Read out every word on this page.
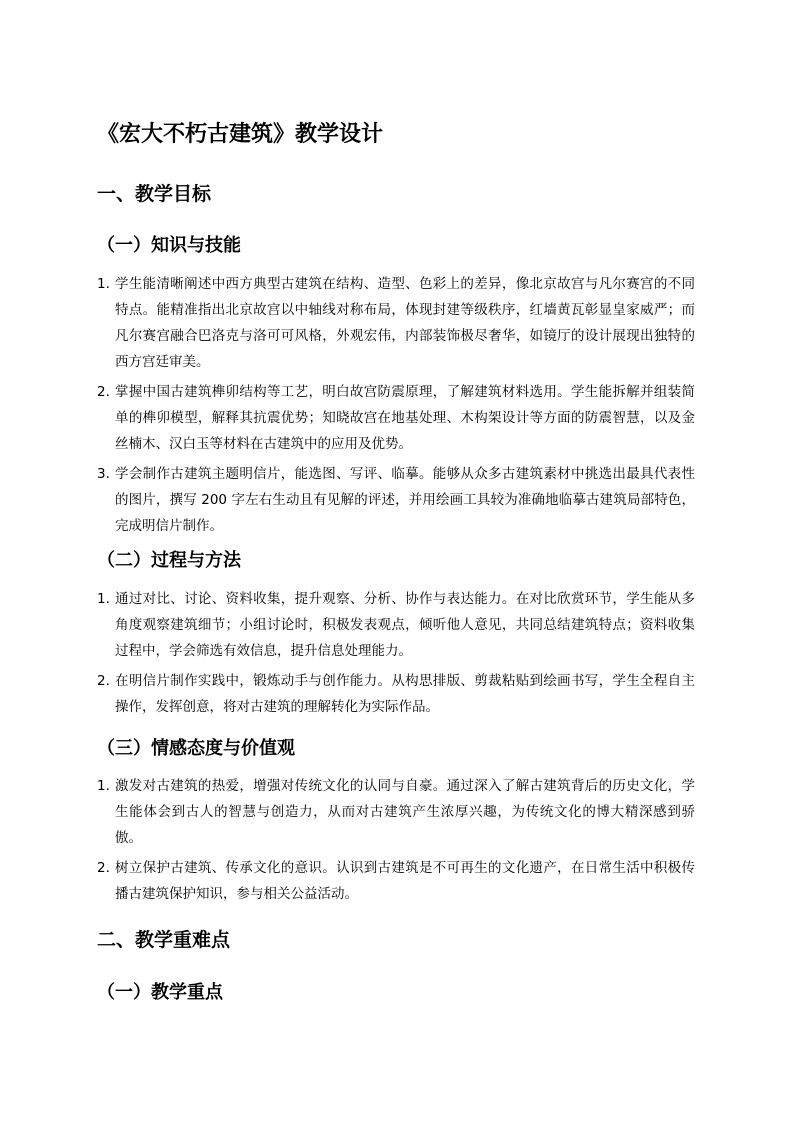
《宏大不朽古建筑》教学设计
一、教学目标
（一）知识与技能
1. 学生能清晰阐述中西方典型古建筑在结构、造型、色彩上的差异，像北京故宫与凡尔赛宫的不同特点。能精准指出北京故宫以中轴线对称布局，体现封建等级秩序，红墙黄瓦彰显皇家威严；而凡尔赛宫融合巴洛克与洛可可风格，外观宏伟，内部装饰极尽奢华，如镜厅的设计展现出独特的西方宫廷审美。
2. 掌握中国古建筑榫卯结构等工艺，明白故宫防震原理，了解建筑材料选用。学生能拆解并组装简单的榫卯模型，解释其抗震优势；知晓故宫在地基处理、木构架设计等方面的防震智慧，以及金丝楠木、汉白玉等材料在古建筑中的应用及优势。
3. 学会制作古建筑主题明信片，能选图、写评、临摹。能够从众多古建筑素材中挑选出最具代表性的图片，撰写 200 字左右生动且有见解的评述，并用绘画工具较为准确地临摹古建筑局部特色，完成明信片制作。
（二）过程与方法
1. 通过对比、讨论、资料收集，提升观察、分析、协作与表达能力。在对比欣赏环节，学生能从多角度观察建筑细节；小组讨论时，积极发表观点，倾听他人意见，共同总结建筑特点；资料收集过程中，学会筛选有效信息，提升信息处理能力。
2. 在明信片制作实践中，锻炼动手与创作能力。从构思排版、剪裁粘贴到绘画书写，学生全程自主操作，发挥创意，将对古建筑的理解转化为实际作品。
（三）情感态度与价值观
1. 激发对古建筑的热爱，增强对传统文化的认同与自豪。通过深入了解古建筑背后的历史文化，学生能体会到古人的智慧与创造力，从而对古建筑产生浓厚兴趣，为传统文化的博大精深感到骄傲。
2. 树立保护古建筑、传承文化的意识。认识到古建筑是不可再生的文化遗产，在日常生活中积极传播古建筑保护知识，参与相关公益活动。
二、教学重难点
（一）教学重点
